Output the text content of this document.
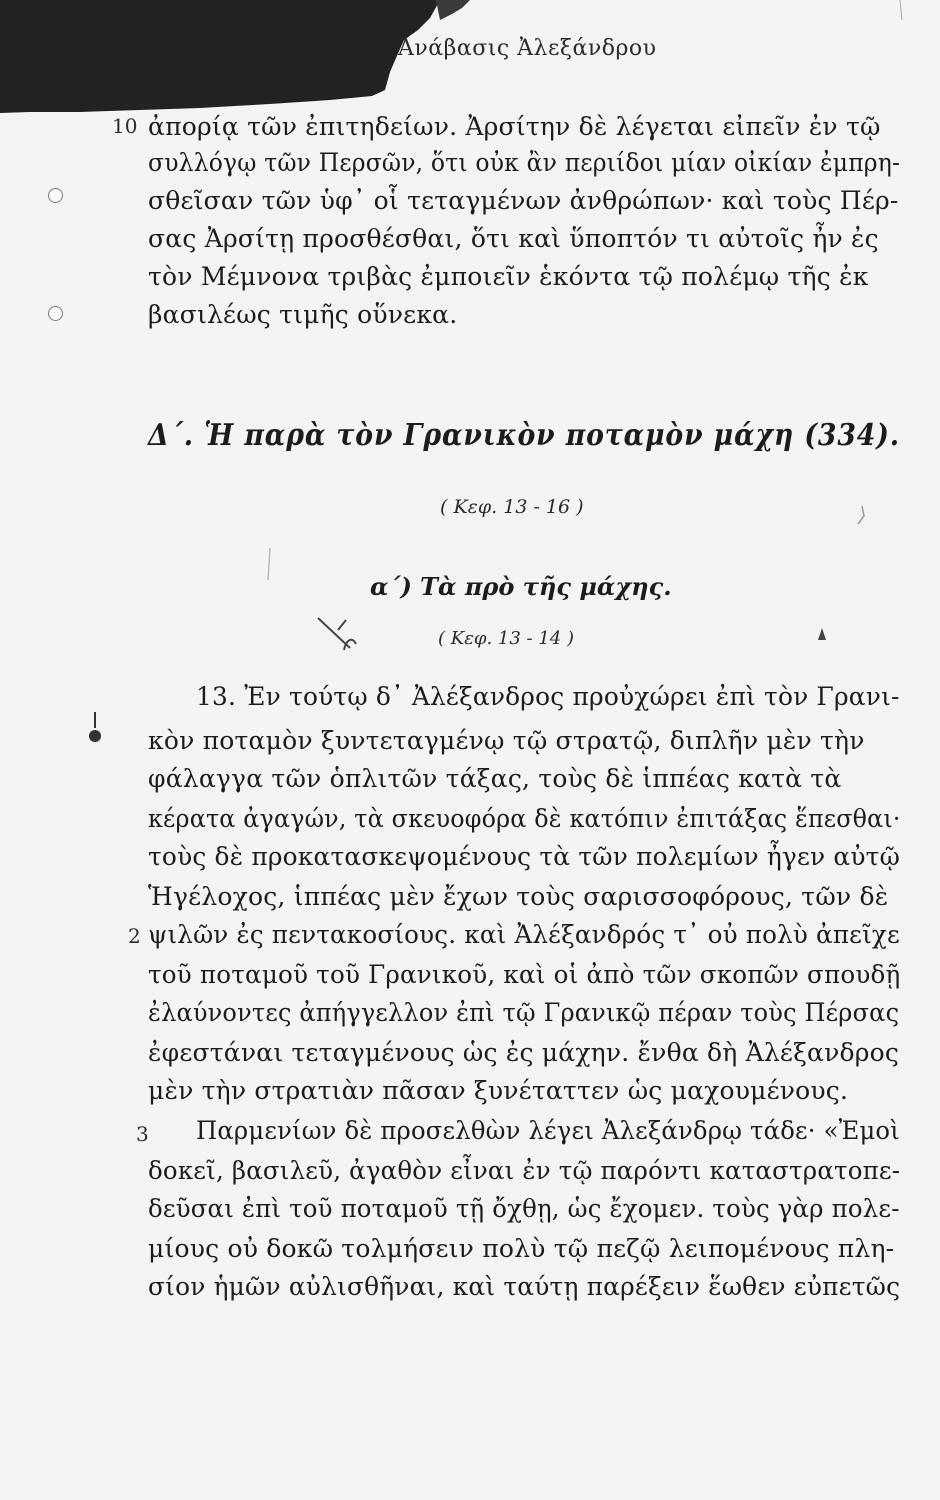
Ἀνάβασις Ἀλεξάνδρου
10 ἀπορίᾳ τῶν ἐπιτηδείων. Ἀρσίτην δὲ λέγεται εἰπεῖν ἐν τῷ
συλλόγῳ τῶν Περσῶν, ὅτι οὐκ ἂν περιίδοι μίαν οἰκίαν ἐμπρη-
σθεῖσαν τῶν ὑφ᾽ οἷ τεταγμένων ἀνθρώπων· καὶ τοὺς Πέρ-
σας Ἀρσίτῃ προσθέσθαι, ὅτι καὶ ὕποπτόν τι αὐτοῖς ἦν ἐς
τὸν Μέμνονα τριβὰς ἐμποιεῖν ἑκόντα τῷ πολέμῳ τῆς ἐκ
βασιλέως τιμῆς οὕνεκα.
Δ΄. Ἡ παρὰ τὸν Γρανικὸν ποταμὸν μάχη (334).
( Κεφ. 13 - 16 )
α΄) Τὰ πρὸ τῆς μάχης.
( Κεφ. 13 - 14 )
13. Ἐν τούτῳ δ᾽ Ἀλέξανδρος προὐχώρει ἐπὶ τὸν Γρανι-
κὸν ποταμὸν ξυντεταγμένῳ τῷ στρατῷ, διπλῆν μὲν τὴν
φάλαγγα τῶν ὁπλιτῶν τάξας, τοὺς δὲ ἱππέας κατὰ τὰ
κέρατα ἀγαγών, τὰ σκευοφόρα δὲ κατόπιν ἐπιτάξας ἕπεσθαι·
τοὺς δὲ προκατασκεψομένους τὰ τῶν πολεμίων ἦγεν αὐτῷ
Ἡγέλοχος, ἱππέας μὲν ἔχων τοὺς σαρισσοφόρους, τῶν δὲ
2 ψιλῶν ἐς πεντακοσίους. καὶ Ἀλέξανδρός τ᾽ οὐ πολὺ ἀπεῖχε
τοῦ ποταμοῦ τοῦ Γρανικοῦ, καὶ οἱ ἀπὸ τῶν σκοπῶν σπουδῇ
ἐλαύνοντες ἀπήγγελλον ἐπὶ τῷ Γρανικῷ πέραν τοὺς Πέρσας
ἐφεστάναι τεταγμένους ὡς ἐς μάχην. ἔνθα δὴ Ἀλέξανδρος
μὲν τὴν στρατιὰν πᾶσαν ξυνέταττεν ὡς μαχουμένους.
3 Παρμενίων δὲ προσελθὼν λέγει Ἀλεξάνδρῳ τάδε· «Ἐμοὶ
δοκεῖ, βασιλεῦ, ἀγαθὸν εἶναι ἐν τῷ παρόντι καταστρατοπε-
δεῦσαι ἐπὶ τοῦ ποταμοῦ τῇ ὄχθῃ, ὡς ἔχομεν. τοὺς γὰρ πολε-
μίους οὐ δοκῶ τολμήσειν πολὺ τῷ πεζῷ λειπομένους πλη-
σίον ἡμῶν αὐλισθῆναι, καὶ ταύτῃ παρέξειν ἕωθεν εὐπετῶς
